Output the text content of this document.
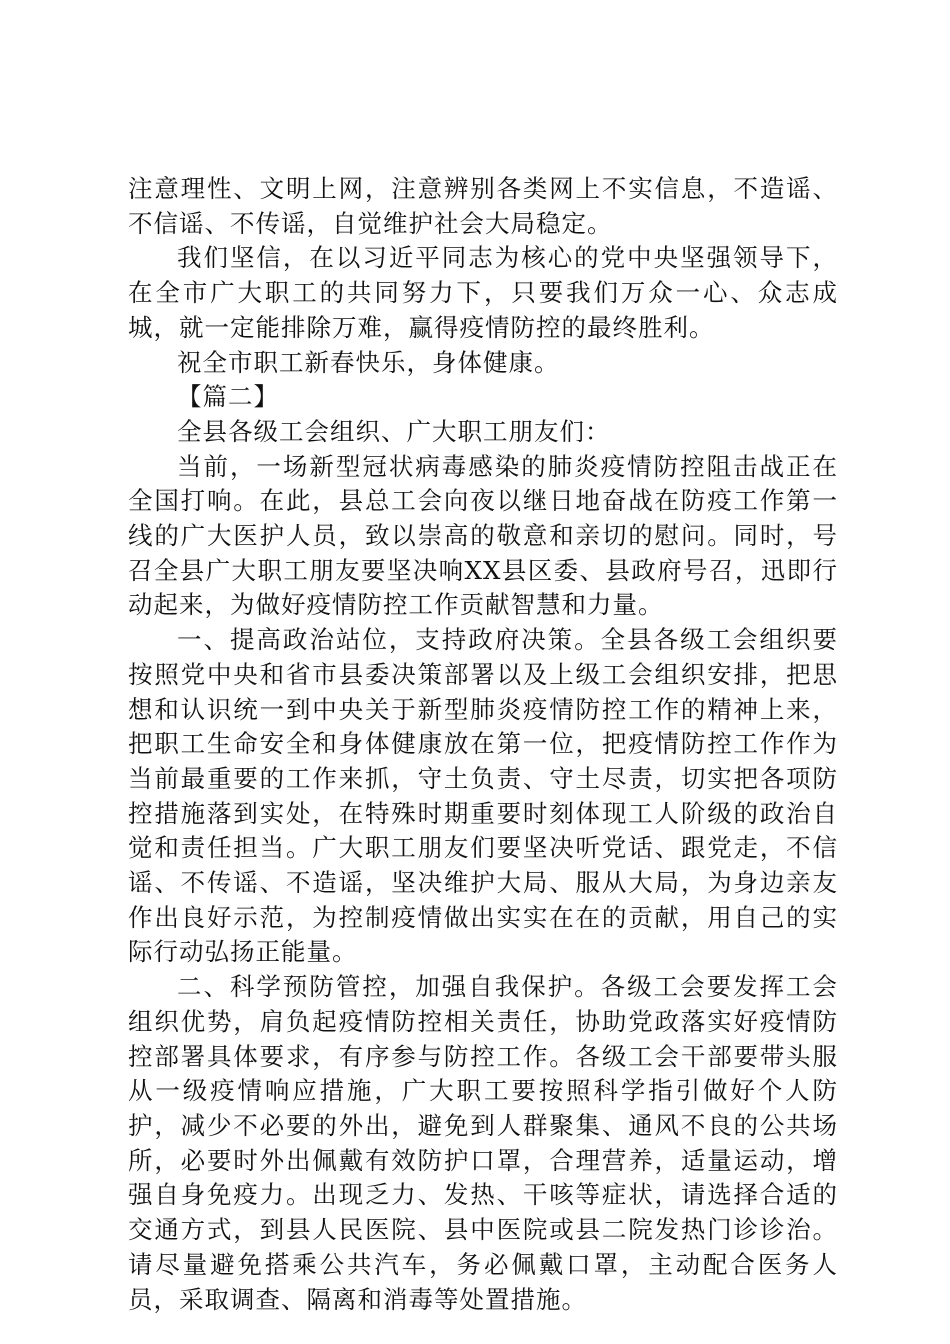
注意理性、文明上网，注意辨别各类网上不实信息，不造谣、不信谣、不传谣，自觉维护社会大局稳定。

我们坚信，在以习近平同志为核心的党中央坚强领导下，在全市广大职工的共同努力下，只要我们万众一心、众志成城，就一定能排除万难，赢得疫情防控的最终胜利。

祝全市职工新春快乐，身体健康。

【篇二】

全县各级工会组织、广大职工朋友们：

当前，一场新型冠状病毒感染的肺炎疫情防控阻击战正在全国打响。在此，县总工会向夜以继日地奋战在防疫工作第一线的广大医护人员，致以崇高的敬意和亲切的慰问。同时，号召全县广大职工朋友要坚决响XX县区委、县政府号召，迅即行动起来，为做好疫情防控工作贡献智慧和力量。

一、提高政治站位，支持政府决策。全县各级工会组织要按照党中央和省市县委决策部署以及上级工会组织安排，把思想和认识统一到中央关于新型肺炎疫情防控工作的精神上来，把职工生命安全和身体健康放在第一位，把疫情防控工作作为当前最重要的工作来抓，守土负责、守土尽责，切实把各项防控措施落到实处，在特殊时期重要时刻体现工人阶级的政治自觉和责任担当。广大职工朋友们要坚决听党话、跟党走，不信谣、不传谣、不造谣，坚决维护大局、服从大局，为身边亲友作出良好示范，为控制疫情做出实实在在的贡献，用自己的实际行动弘扬正能量。

二、科学预防管控，加强自我保护。各级工会要发挥工会组织优势，肩负起疫情防控相关责任，协助党政落实好疫情防控部署具体要求，有序参与防控工作。各级工会干部要带头服从一级疫情响应措施，广大职工要按照科学指引做好个人防护，减少不必要的外出，避免到人群聚集、通风不良的公共场所，必要时外出佩戴有效防护口罩，合理营养，适量运动，增强自身免疫力。出现乏力、发热、干咳等症状，请选择合适的交通方式，到县人民医院、县中医院或县二院发热门诊诊治。请尽量避免搭乘公共汽车，务必佩戴口罩，主动配合医务人员，采取调查、隔离和消毒等处置措施。
